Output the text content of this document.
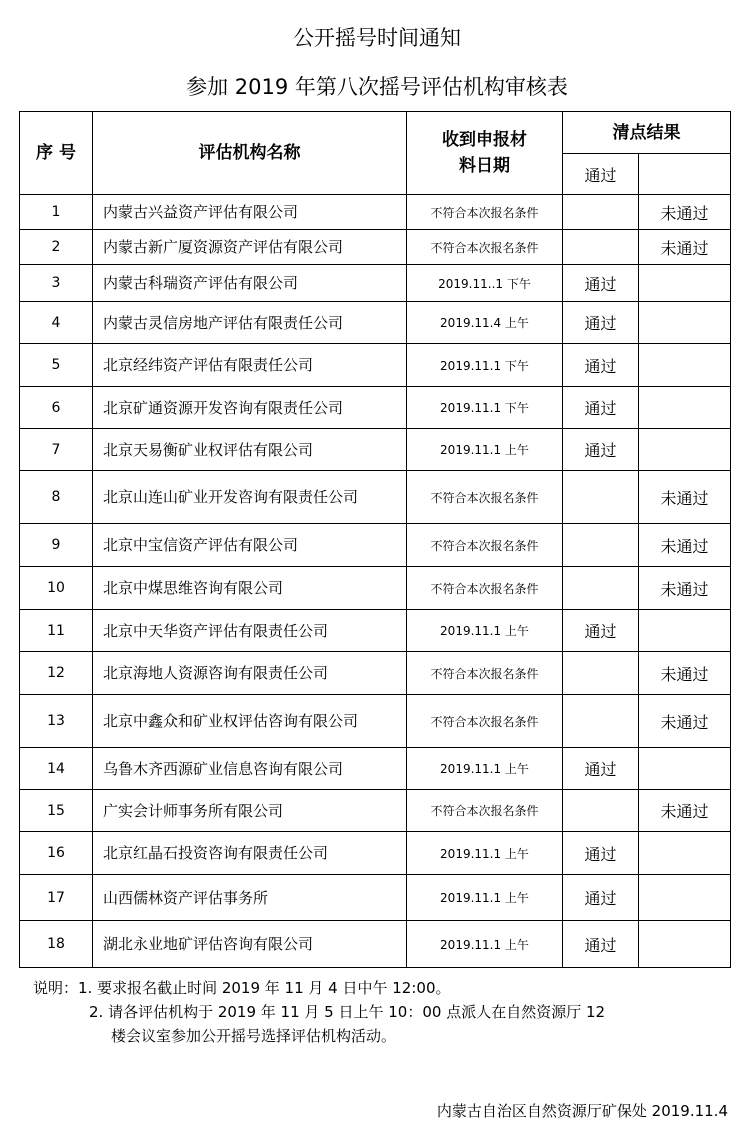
公开摇号时间通知
参加 2019 年第八次摇号评估机构审核表
序 号	评估机构名称	收到申报材料日期	清点结果	
			通过	
1	内蒙古兴益资产评估有限公司	不符合本次报名条件		未通过
2	内蒙古新广厦资源资产评估有限公司	不符合本次报名条件		未通过
3	内蒙古科瑞资产评估有限公司	2019.11..1 下午	通过	
4	内蒙古灵信房地产评估有限责任公司	2019.11.4 上午	通过	
5	北京经纬资产评估有限责任公司	2019.11.1 下午	通过	
6	北京矿通资源开发咨询有限责任公司	2019.11.1 下午	通过	
7	北京天易衡矿业权评估有限公司	2019.11.1 上午	通过	
8	北京山连山矿业开发咨询有限责任公司	不符合本次报名条件		未通过
9	北京中宝信资产评估有限公司	不符合本次报名条件		未通过
10	北京中煤思维咨询有限公司	不符合本次报名条件		未通过
11	北京中天华资产评估有限责任公司	2019.11.1 上午	通过	
12	北京海地人资源咨询有限责任公司	不符合本次报名条件		未通过
13	北京中鑫众和矿业权评估咨询有限公司	不符合本次报名条件		未通过
14	乌鲁木齐西源矿业信息咨询有限公司	2019.11.1 上午	通过	
15	广实会计师事务所有限公司	不符合本次报名条件		未通过
16	北京红晶石投资咨询有限责任公司	2019.11.1 上午	通过	
17	山西儒林资产评估事务所	2019.11.1 上午	通过	
18	湖北永业地矿评估咨询有限公司	2019.11.1 上午	通过	
说明：1. 要求报名截止时间 2019 年 11 月 4 日中午 12:00。
2. 请各评估机构于 2019 年 11 月 5 日上午 10：00 点派人在自然资源厅 12
楼会议室参加公开摇号选择评估机构活动。
内蒙古自治区自然资源厅矿保处 2019.11.4
